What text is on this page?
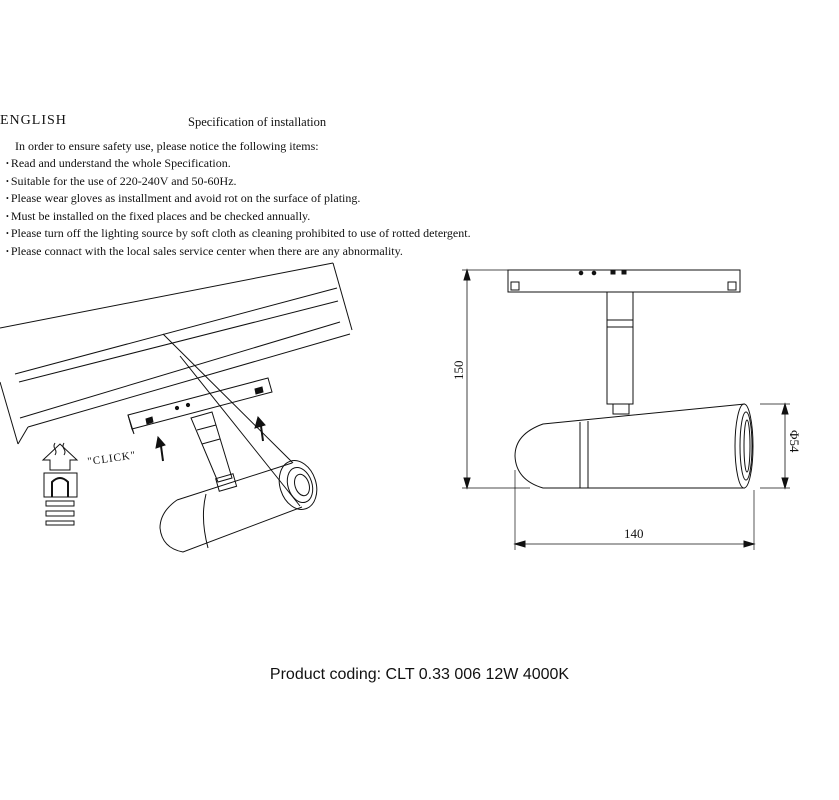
ENGLISH	Specification of installation
In order to ensure safety use, please notice the following items:
• Read and understand the whole Specification.
• Suitable for the use of 220-240V and 50-60Hz.
• Please wear gloves as installment and avoid rot on the surface of plating.
• Must be installed on the fixed places and be checked annually.
• Please turn off the lighting source by soft cloth as cleaning prohibited to use of rotted detergent.
• Please connact with the local sales service center when there are any abnormality.
"CLICK"
150
Φ54
140
Product coding: CLT 0.33 006 12W 4000K
